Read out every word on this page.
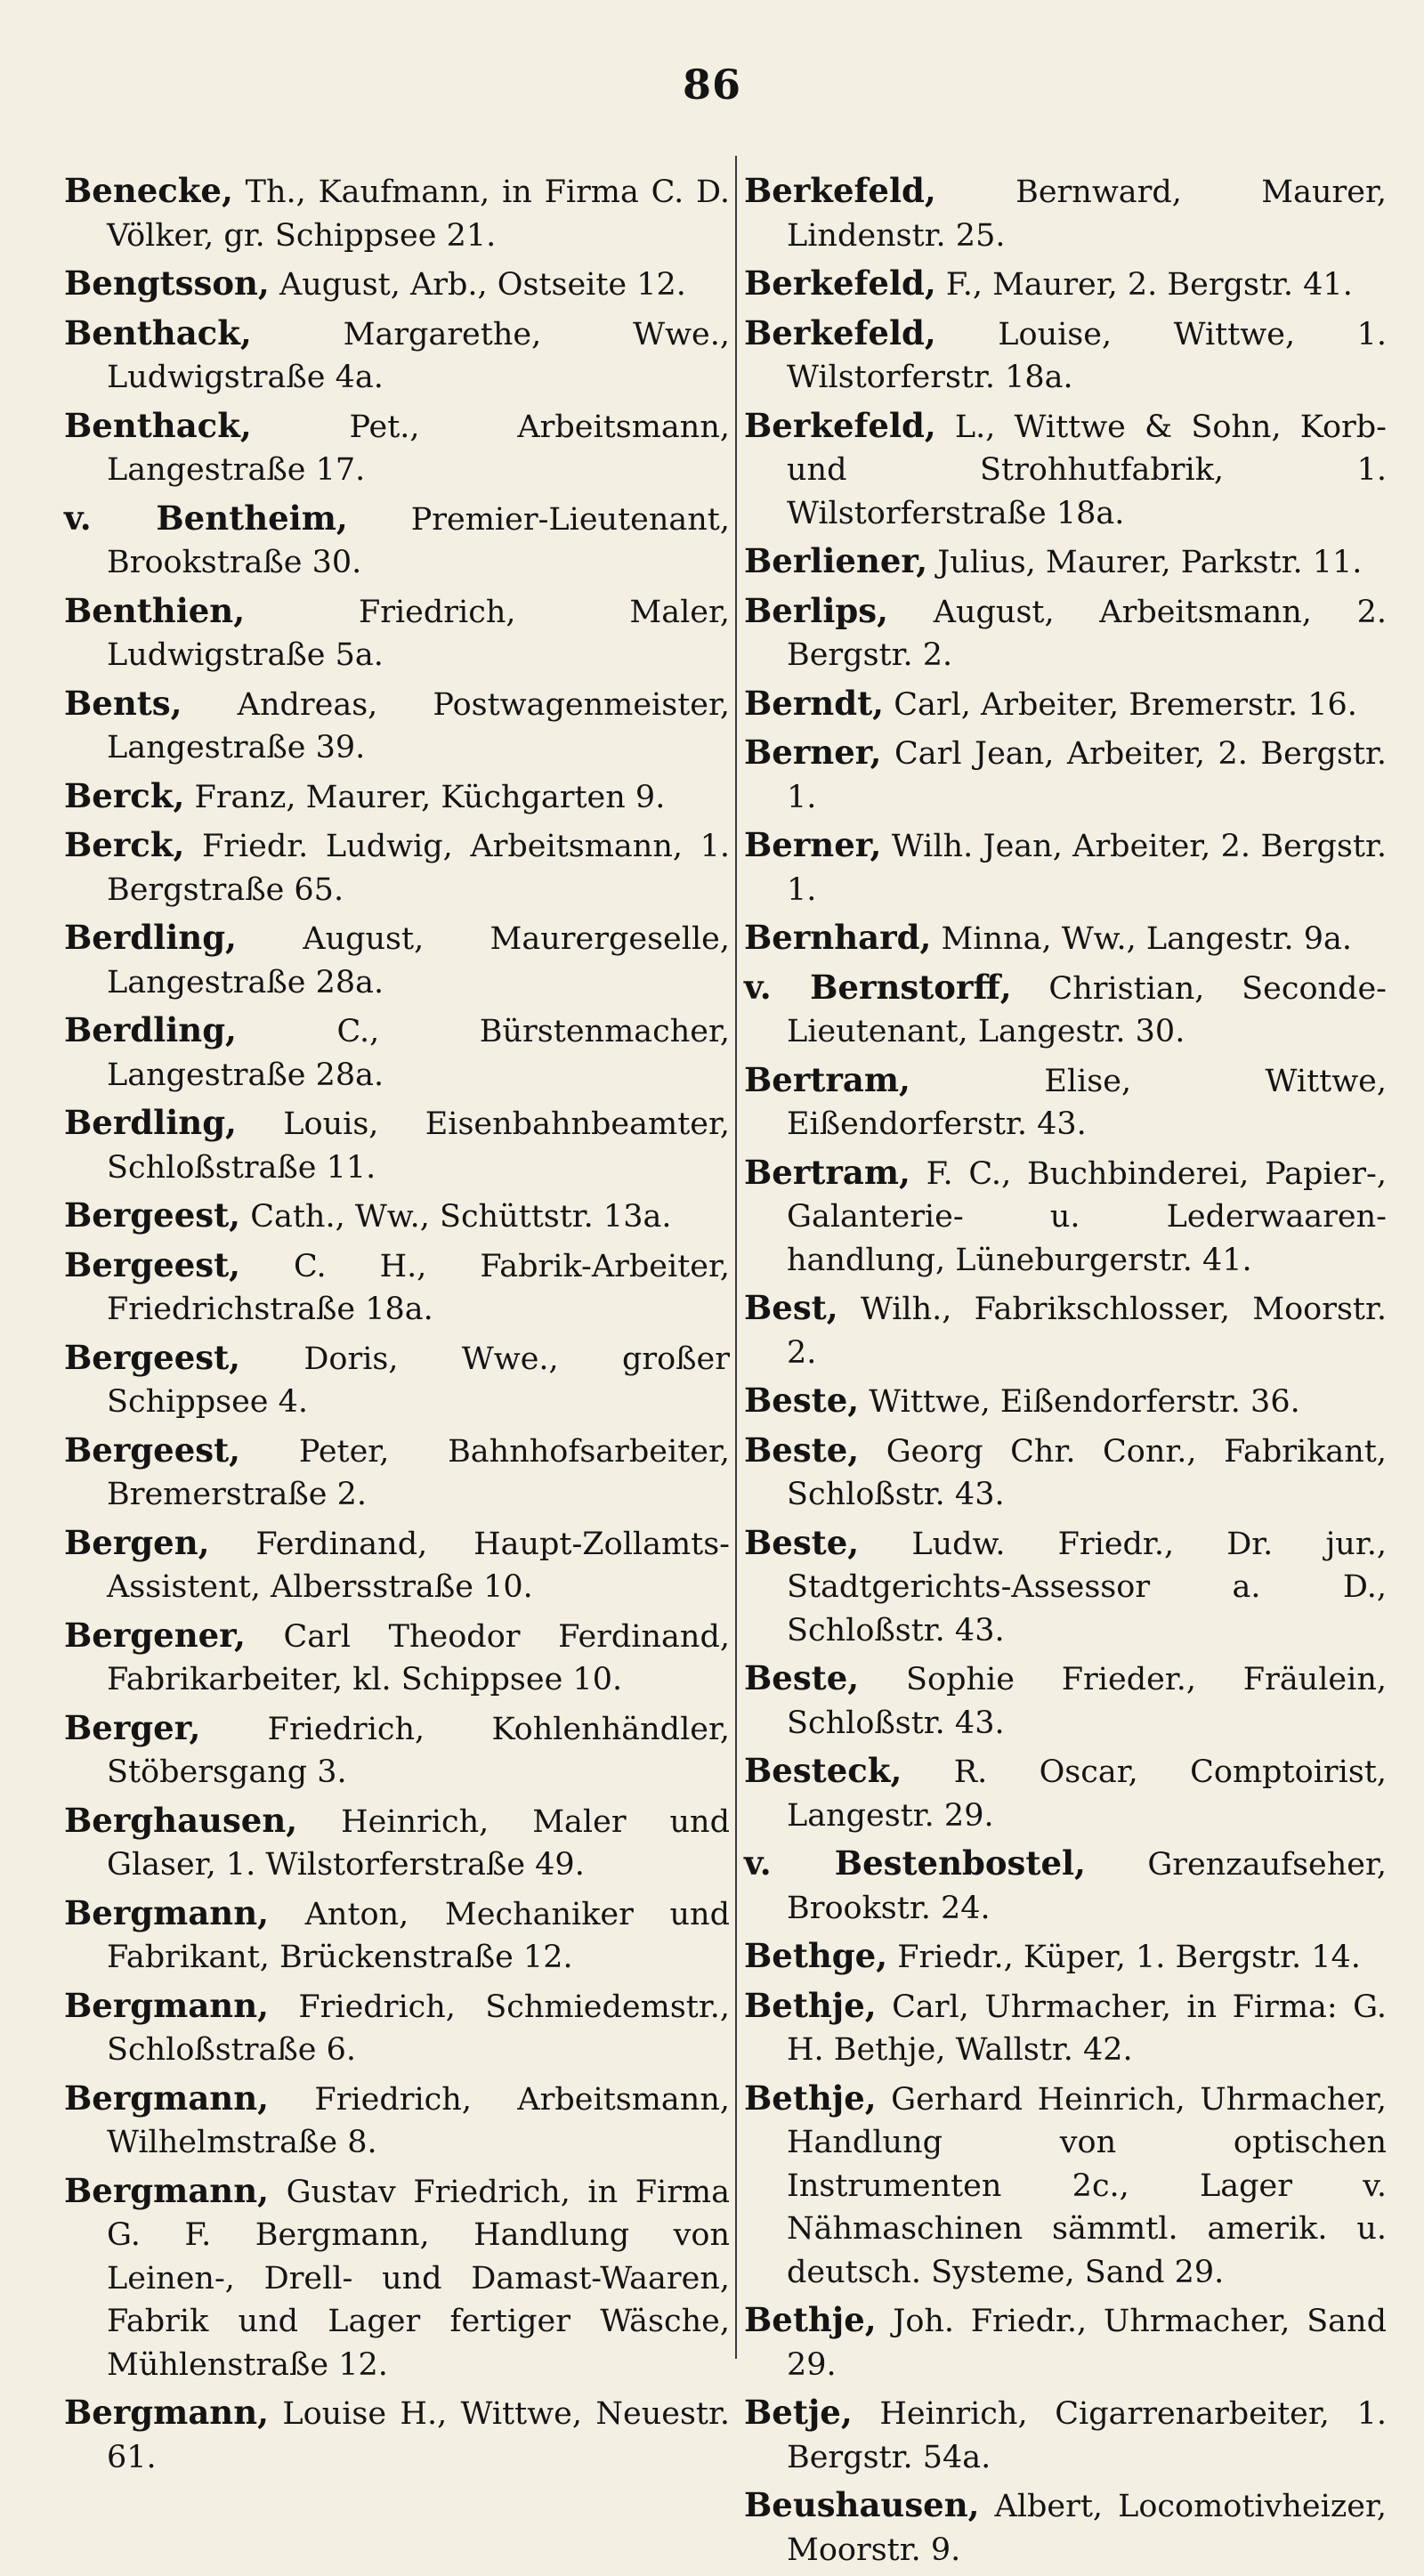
86

Benecke, Th., Kaufmann, in Firma C. D. Völker, gr. Schippsee 21.

Bengtsson, August, Arb., Ostseite 12.

Benthack, Margarethe, Wwe., Ludwigstraße 4a.

Benthack, Pet., Arbeitsmann, Langestraße 17.

v. Bentheim, Premier-Lieutenant, Brookstraße 30.

Benthien, Friedrich, Maler, Ludwigstraße 5a.

Bents, Andreas, Postwagenmeister, Langestraße 39.

Berck, Franz, Maurer, Küchgarten 9.

Berck, Friedr. Ludwig, Arbeitsmann, 1. Bergstraße 65.

Berdling, August, Maurergeselle, Langestraße 28a.

Berdling, C., Bürstenmacher, Langestraße 28a.

Berdling, Louis, Eisenbahnbeamter, Schloßstraße 11.

Bergeest, Cath., Ww., Schüttstr. 13a.

Bergeest, C. H., Fabrik-Arbeiter, Friedrichstraße 18a.

Bergeest, Doris, Wwe., großer Schippsee 4.

Bergeest, Peter, Bahnhofsarbeiter, Bremerstraße 2.

Bergen, Ferdinand, Haupt-Zollamts-Assistent, Albersstraße 10.

Bergener, Carl Theodor Ferdinand, Fabrikarbeiter, kl. Schippsee 10.

Berger, Friedrich, Kohlenhändler, Stöbersgang 3.

Berghausen, Heinrich, Maler und Glaser, 1. Wilstorferstraße 49.

Bergmann, Anton, Mechaniker und Fabrikant, Brückenstraße 12.

Bergmann, Friedrich, Schmiedemstr., Schloßstraße 6.

Bergmann, Friedrich, Arbeitsmann, Wilhelmstraße 8.

Bergmann, Gustav Friedrich, in Firma G. F. Bergmann, Handlung von Leinen-, Drell- und Damast-Waaren, Fabrik und Lager fertiger Wäsche, Mühlenstraße 12.

Bergmann, Louise H., Wittwe, Neuestr. 61.

Berkefeld, Bernward, Maurer, Lindenstr. 25.

Berkefeld, F., Maurer, 2. Bergstr. 41.

Berkefeld, Louise, Wittwe, 1. Wilstorferstr. 18a.

Berkefeld, L., Wittwe & Sohn, Korb- und Strohhutfabrik, 1. Wilstorferstraße 18a.

Berliener, Julius, Maurer, Parkstr. 11.

Berlips, August, Arbeitsmann, 2. Bergstr. 2.

Berndt, Carl, Arbeiter, Bremerstr. 16.

Berner, Carl Jean, Arbeiter, 2. Bergstr. 1.

Berner, Wilh. Jean, Arbeiter, 2. Bergstr. 1.

Bernhard, Minna, Ww., Langestr. 9a.

v. Bernstorff, Christian, Seconde-Lieutenant, Langestr. 30.

Bertram, Elise, Wittwe, Eißendorferstr. 43.

Bertram, F. C., Buchbinderei, Papier-, Galanterie- u. Lederwaaren-handlung, Lüneburgerstr. 41.

Best, Wilh., Fabrikschlosser, Moorstr. 2.

Beste, Wittwe, Eißendorferstr. 36.

Beste, Georg Chr. Conr., Fabrikant, Schloßstr. 43.

Beste, Ludw. Friedr., Dr. jur., Stadtgerichts-Assessor a. D., Schloßstr. 43.

Beste, Sophie Frieder., Fräulein, Schloßstr. 43.

Besteck, R. Oscar, Comptoirist, Langestr. 29.

v. Bestenbostel, Grenzaufseher, Brookstr. 24.

Bethge, Friedr., Küper, 1. Bergstr. 14.

Bethje, Carl, Uhrmacher, in Firma: G. H. Bethje, Wallstr. 42.

Bethje, Gerhard Heinrich, Uhrmacher, Handlung von optischen Instrumenten 2c., Lager v. Nähmaschinen sämmtl. amerik. u. deutsch. Systeme, Sand 29.

Bethje, Joh. Friedr., Uhrmacher, Sand 29.

Betje, Heinrich, Cigarrenarbeiter, 1. Bergstr. 54a.

Beushausen, Albert, Locomotivheizer, Moorstr. 9.
